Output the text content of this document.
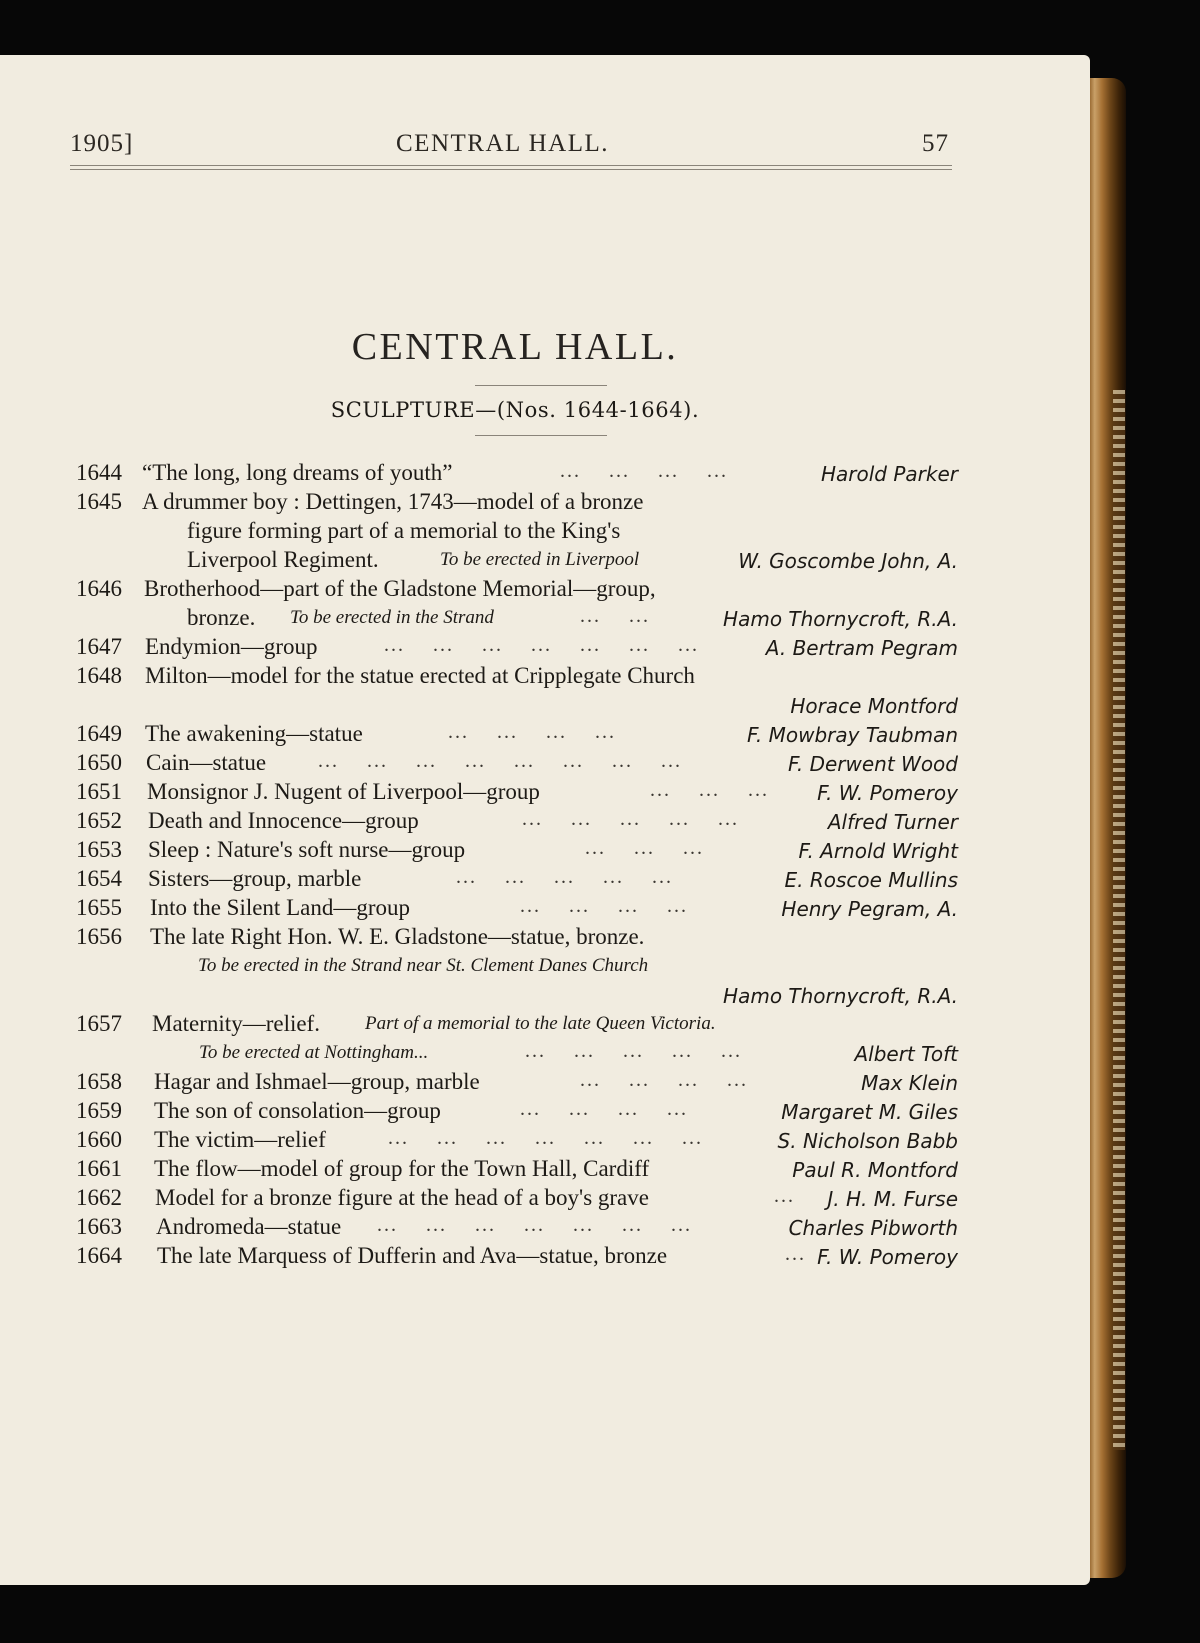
1905]	CENTRAL HALL.	57
CENTRAL HALL.
SCULPTURE—(Nos. 1644-1664).
1644 “The long, long dreams of youth”	...    ...    ...    ...	Harold Parker
1645 A drummer boy : Dettingen, 1743—model of a bronze
figure forming part of a memorial to the King's
Liverpool Regiment.	To be erected in Liverpool	W. Goscombe John, A.
1646 Brotherhood—part of the Gladstone Memorial—group,
bronze. To be erected in the Strand	...    ...	Hamo Thornycroft, R.A.
1647 Endymion—group	...    ...    ...    ...    ...    ...    ...	A. Bertram Pegram
1648 Milton—model for the statue erected at Cripplegate Church
Horace Montford
1649 The awakening—statue	...    ...    ...    ...	F. Mowbray Taubman
1650 Cain—statue	...    ...    ...    ...    ...    ...    ...    ...	F. Derwent Wood
1651 Monsignor J. Nugent of Liverpool—group	...    ...    ... F. W. Pomeroy
1652 Death and Innocence—group	...    ...    ...    ...    ...	Alfred Turner
1653 Sleep : Nature's soft nurse—group	...    ...    ...	F. Arnold Wright
1654 Sisters—group, marble	...    ...    ...    ...    ...	E. Roscoe Mullins
1655 Into the Silent Land—group	...    ...    ...    ...	Henry Pegram, A.
1656 The late Right Hon. W. E. Gladstone—statue, bronze.
To be erected in the Strand near St. Clement Danes Church
Hamo Thornycroft, R.A.
1657 Maternity—relief. Part of a memorial to the late Queen Victoria.
To be erected at Nottingham...	...    ...    ...    ...    ...	Albert Toft
1658 Hagar and Ishmael—group, marble	...    ...    ...    ...	Max Klein
1659 The son of consolation—group	...    ...    ...    ...	Margaret M. Giles
1660 The victim—relief	...    ...    ...    ...    ...    ...    ...	S. Nicholson Babb
1661 The flow—model of group for the Town Hall, Cardiff	Paul R. Montford
1662 Model for a bronze figure at the head of a boy's grave	... J. H. M. Furse
1663 Andromeda—statue ...    ...    ...    ...    ...    ...    ...	Charles Pibworth
1664 The late Marquess of Dufferin and Ava—statue, bronze	... F. W. Pomeroy
